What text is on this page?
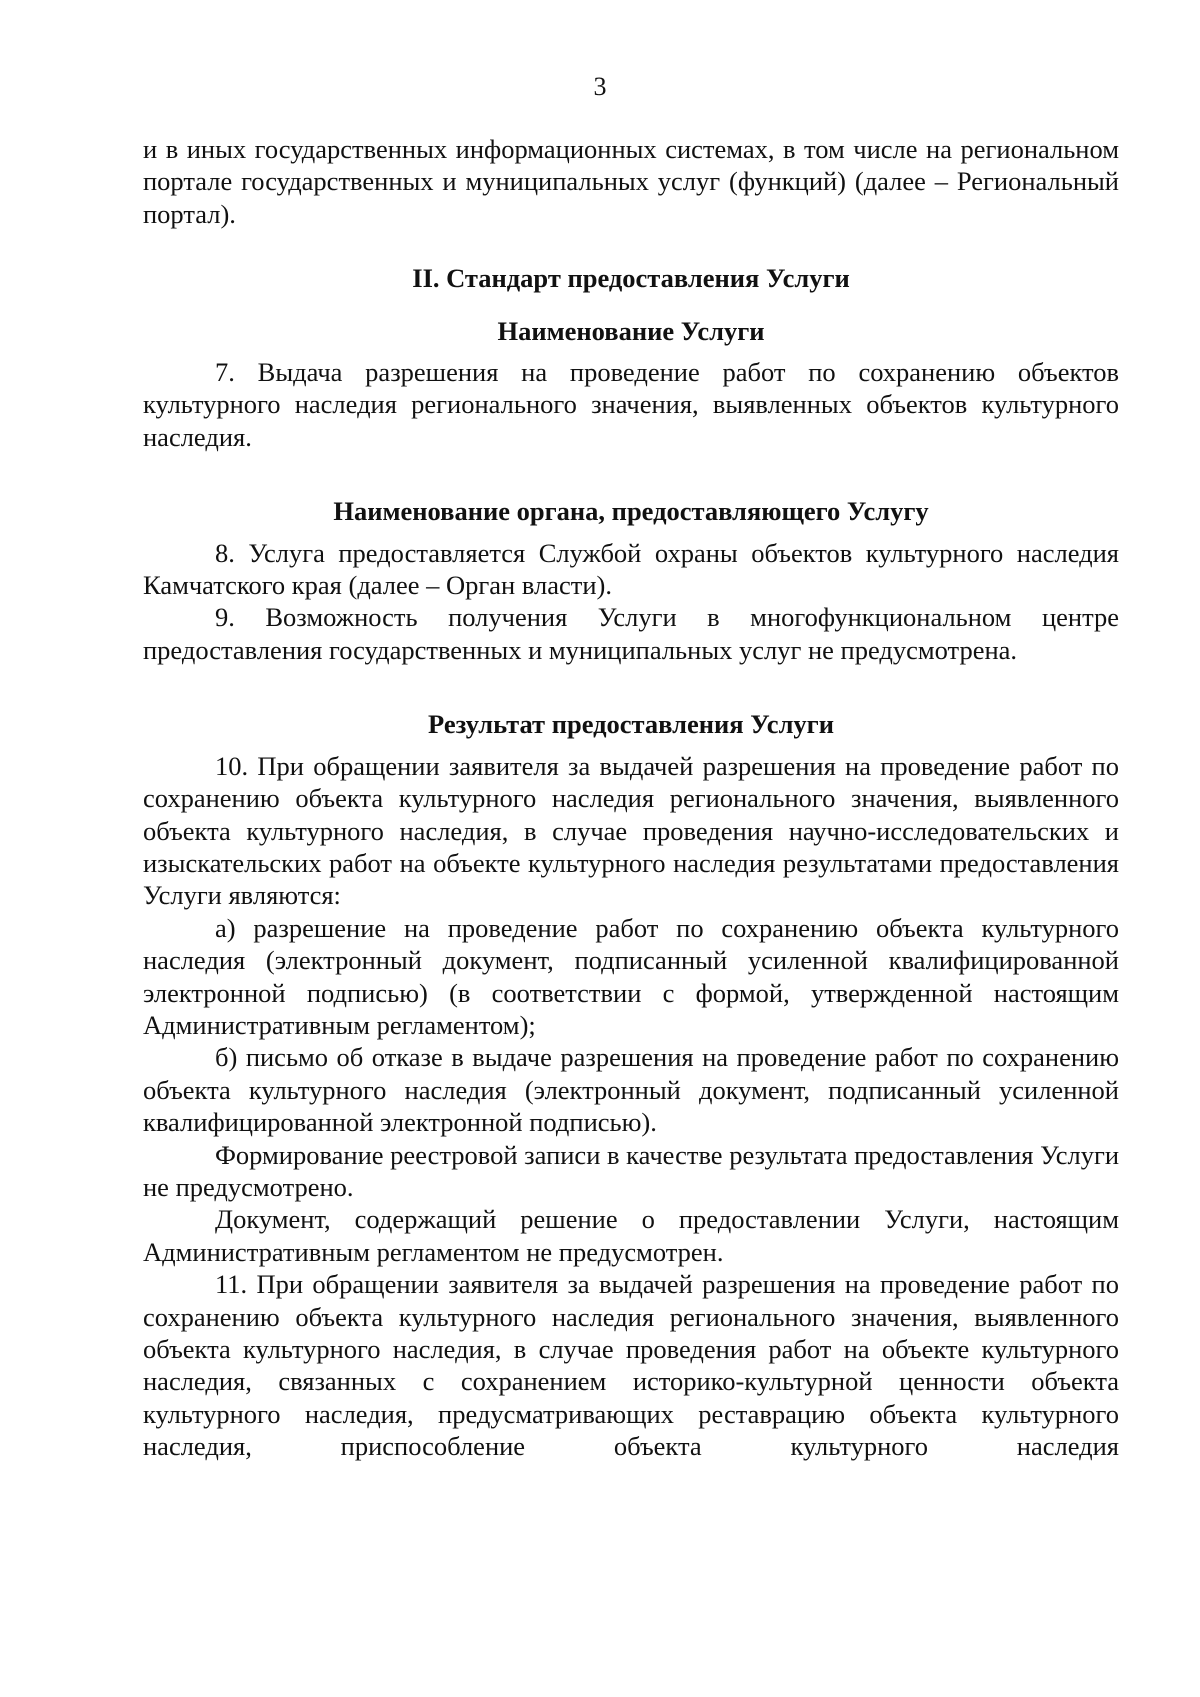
3

и в иных государственных информационных системах, в том числе на региональном портале государственных и муниципальных услуг (функций) (далее – Региональный портал).

II. Стандарт предоставления Услуги

Наименование Услуги

7. Выдача разрешения на проведение работ по сохранению объектов культурного наследия регионального значения, выявленных объектов культурного наследия.

Наименование органа, предоставляющего Услугу

8. Услуга предоставляется Службой охраны объектов культурного наследия Камчатского края (далее – Орган власти).

9. Возможность получения Услуги в многофункциональном центре предоставления государственных и муниципальных услуг не предусмотрена.

Результат предоставления Услуги

10. При обращении заявителя за выдачей разрешения на проведение работ по сохранению объекта культурного наследия регионального значения, выявленного объекта культурного наследия, в случае проведения научно-исследовательских и изыскательских работ на объекте культурного наследия результатами предоставления Услуги являются:

а) разрешение на проведение работ по сохранению объекта культурного наследия (электронный документ, подписанный усиленной квалифицированной электронной подписью) (в соответствии с формой, утвержденной настоящим Административным регламентом);

б) письмо об отказе в выдаче разрешения на проведение работ по сохранению объекта культурного наследия (электронный документ, подписанный усиленной квалифицированной электронной подписью).

Формирование реестровой записи в качестве результата предоставления Услуги не предусмотрено.

Документ, содержащий решение о предоставлении Услуги, настоящим Административным регламентом не предусмотрен.

11. При обращении заявителя за выдачей разрешения на проведение работ по сохранению объекта культурного наследия регионального значения, выявленного объекта культурного наследия, в случае проведения работ на объекте культурного наследия, связанных с сохранением историко-культурной ценности объекта культурного наследия, предусматривающих реставрацию объекта культурного наследия, приспособление объекта культурного наследия
